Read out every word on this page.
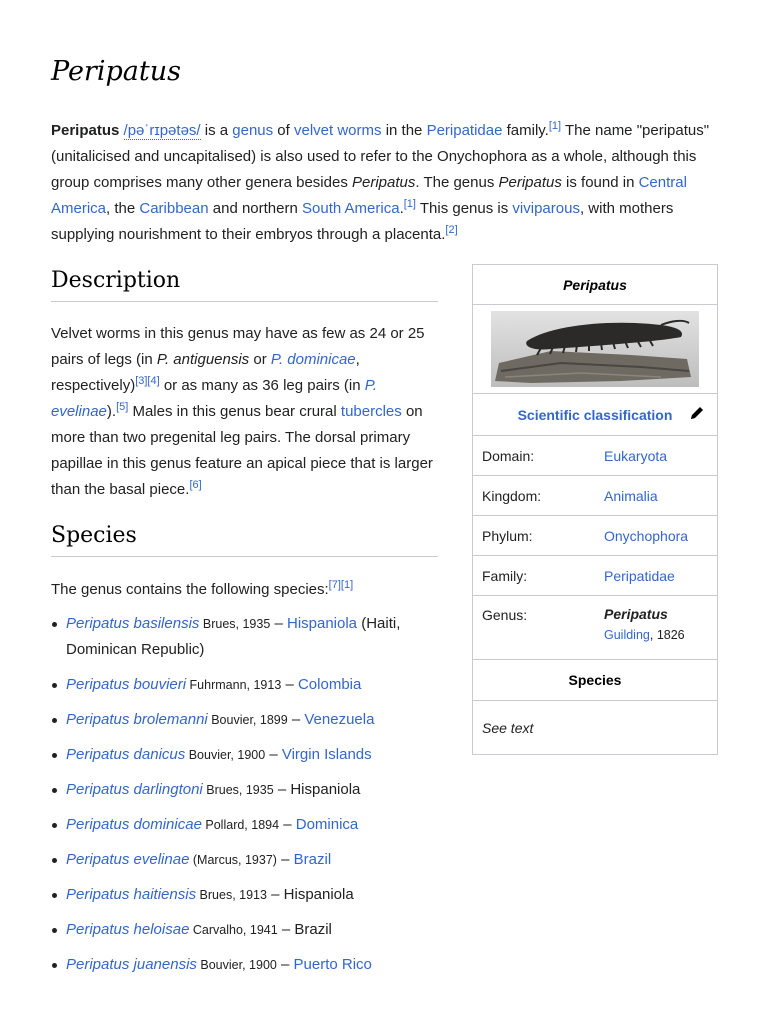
Peripatus

Peripatus /pəˈrɪpətəs/ is a genus of velvet worms in the Peripatidae family.[1] The name "peripatus" (unitalicised and uncapitalised) is also used to refer to the Onychophora as a whole, although this group comprises many other genera besides Peripatus. The genus Peripatus is found in Central America, the Caribbean and northern South America.[1] This genus is viviparous, with mothers supplying nourishment to their embryos through a placenta.[2]

Description

Velvet worms in this genus may have as few as 24 or 25 pairs of legs (in P. antiguensis or P. dominicae, respectively)[3][4] or as many as 36 leg pairs (in P. evelinae).[5] Males in this genus bear crural tubercles on more than two pregenital leg pairs. The dorsal primary papillae in this genus feature an apical piece that is larger than the basal piece.[6]

Species

The genus contains the following species:[7][1]

Peripatus basilensis Brues, 1935 – Hispaniola (Haiti, Dominican Republic)
Peripatus bouvieri Fuhrmann, 1913 – Colombia
Peripatus brolemanni Bouvier, 1899 – Venezuela
Peripatus danicus Bouvier, 1900 – Virgin Islands
Peripatus darlingtoni Brues, 1935 – Hispaniola
Peripatus dominicae Pollard, 1894 – Dominica
Peripatus evelinae (Marcus, 1937) – Brazil
Peripatus haitiensis Brues, 1913 – Hispaniola
Peripatus heloisae Carvalho, 1941 – Brazil
Peripatus juanensis Bouvier, 1900 – Puerto Rico
Peripatus
Scientific classification
Domain:	Eukaryota
Kingdom:	Animalia
Phylum:	Onychophora
Family:	Peripatidae
Genus:	Peripatus
Guilding, 1826
Species
See text
